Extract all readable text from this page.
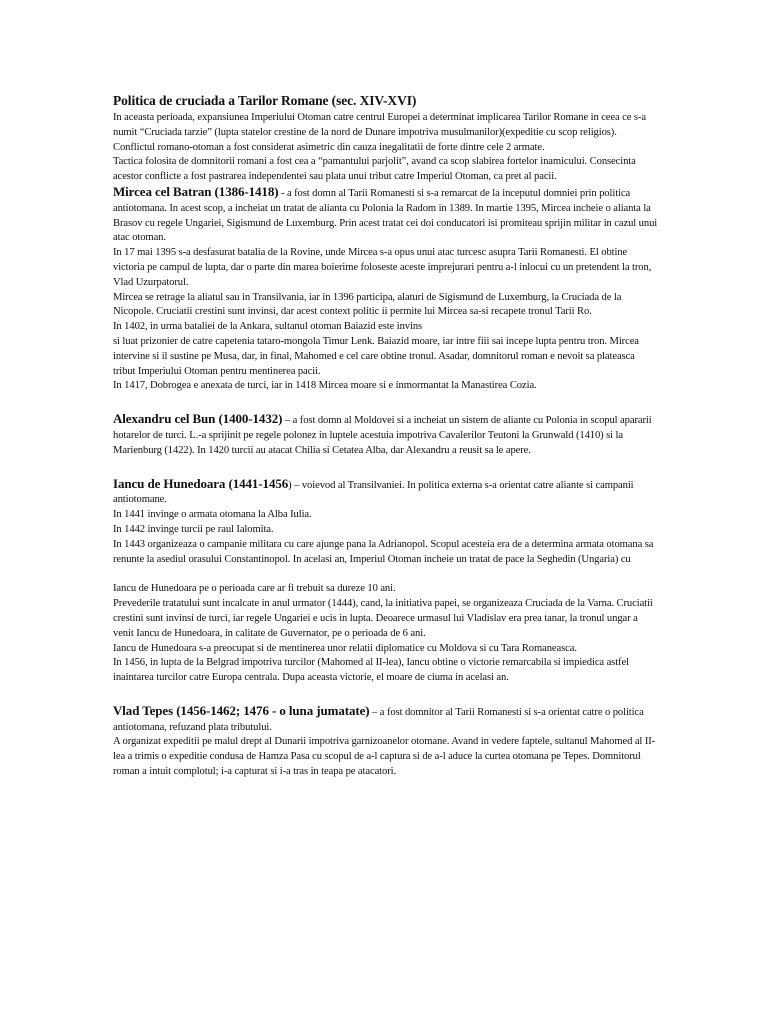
Politica de cruciada a Tarilor Romane (sec. XIV-XVI)

In aceasta perioada, expansiunea Imperiului Otoman catre centrul Europei a determinat implicarea Tarilor Romane in ceea ce s-a numit “Cruciada tarzie” (lupta statelor crestine de la nord de Dunare impotriva musulmanilor)(expeditie cu scop religios).

Conflictul romano-otoman a fost considerat asimetric din cauza inegalitatii de forte dintre cele 2 armate.

Tactica folosita de domnitorii romani a fost cea a “pamantului parjolit”, avand ca scop slabirea fortelor inamicului. Consecinta acestor conflicte a fost pastrarea independentei sau plata unui tribut catre Imperiul Otoman, ca pret al pacii.

Mircea cel Batran (1386-1418) - a fost domn al Tarii Romanesti si s-a remarcat de la inceputul domniei prin politica antiotomana. In acest scop, a incheiat un tratat de alianta cu Polonia la Radom in 1389. In martie 1395, Mircea incheie o alianta la Brasov cu regele Ungariei, Sigismund de Luxemburg. Prin acest tratat cei doi conducatori isi promiteau sprijin militar in cazul unui atac otoman.

In 17 mai 1395 s-a desfasurat batalia de la Rovine, unde Mircea s-a opus unui atac turcesc asupra Tarii Romanesti. El obtine victoria pe campul de lupta, dar o parte din marea boierime foloseste aceste imprejurari pentru a-l inlocui cu un pretendent la tron, Vlad Uzurpatorul.

Mircea se retrage la aliatul sau in Transilvania, iar in 1396 participa, alaturi de Sigismund de Luxemburg, la Cruciada de la Nicopole. Cruciatii crestini sunt invinsi, dar acest context politic ii permite lui Mircea sa-si recapete tronul Tarii Ro.

In 1402, in urma bataliei de la Ankara, sultanul otoman Baiazid este invins

si luat prizonier de catre capetenia tataro-mongola Timur Lenk. Baiazid moare, iar intre fiii sai incepe lupta pentru tron. Mircea intervine si il sustine pe Musa, dar, in final, Mahomed e cel care obtine tronul. Asadar, domnitorul roman e nevoit sa plateasca tribut Imperiului Otoman pentru mentinerea pacii.

In 1417, Dobrogea e anexata de turci, iar in 1418 Mircea moare si e inmormantat la Manastirea Cozia.

Alexandru cel Bun (1400-1432) – a fost domn al Moldovei si a incheiat un sistem de aliante cu Polonia in scopul apararii hotarelor de turci. L.-a sprijinit pe regele polonez in luptele acestuia impotriva Cavalerilor Teutoni la Grunwald (1410) si la Marienburg (1422). In 1420 turcii au atacat Chilia si Cetatea Alba, dar Alexandru a reusit sa le apere.

Iancu de Hunedoara (1441-1456) – voievod al Transilvaniei. In politica externa s-a orientat catre aliante si campanii antiotomane.

In 1441 invinge o armata otomana la Alba Iulia.

In 1442 invinge turcii pe raul Ialomita.

In 1443 organizeaza o campanie militara cu care ajunge pana la Adrianopol. Scopul acesteia era de a determina armata otomana sa renunte la asediul orasului Constantinopol. In acelasi an, Imperiul Otoman incheie un tratat de pace la Seghedin (Ungaria) cu

Iancu de Hunedoara pe o perioada care ar fi trebuit sa dureze 10 ani.

Prevederile tratatului sunt incalcate in anul urmator (1444), cand, la initiativa papei, se organizeaza Cruciada de la Varna. Cruciatii crestini sunt invinsi de turci, iar regele Ungariei e ucis in lupta. Deoarece urmasul lui Vladislav era prea tanar, la tronul ungar a venit Iancu de Hunedoara, in calitate de Guvernator, pe o perioada de 6 ani.

Iancu de Hunedoara s-a preocupat si de mentinerea unor relatii diplomatice cu Moldova si cu Tara Romaneasca.

In 1456, in lupta de la Belgrad impotriva turcilor (Mahomed al II-lea), Iancu obtine o victorie remarcabila si impiedica astfel inaintarea turcilor catre Europa centrala. Dupa aceasta victorie, el moare de ciuma in acelasi an.

Vlad Tepes (1456-1462; 1476 - o luna jumatate) – a fost domnitor al Tarii Romanesti si s-a orientat catre o politica antiotomana, refuzand plata tributului.

A organizat expeditii pe malul drept al Dunarii impotriva garnizoanelor otomane. Avand in vedere faptele, sultanul Mahomed al II-lea a trimis o expeditie condusa de Hamza Pasa cu scopul de a-l captura si de a-l aduce la curtea otomana pe Tepes. Domnitorul roman a intuit complotul; i-a capturat si i-a tras in teapa pe atacatori.
